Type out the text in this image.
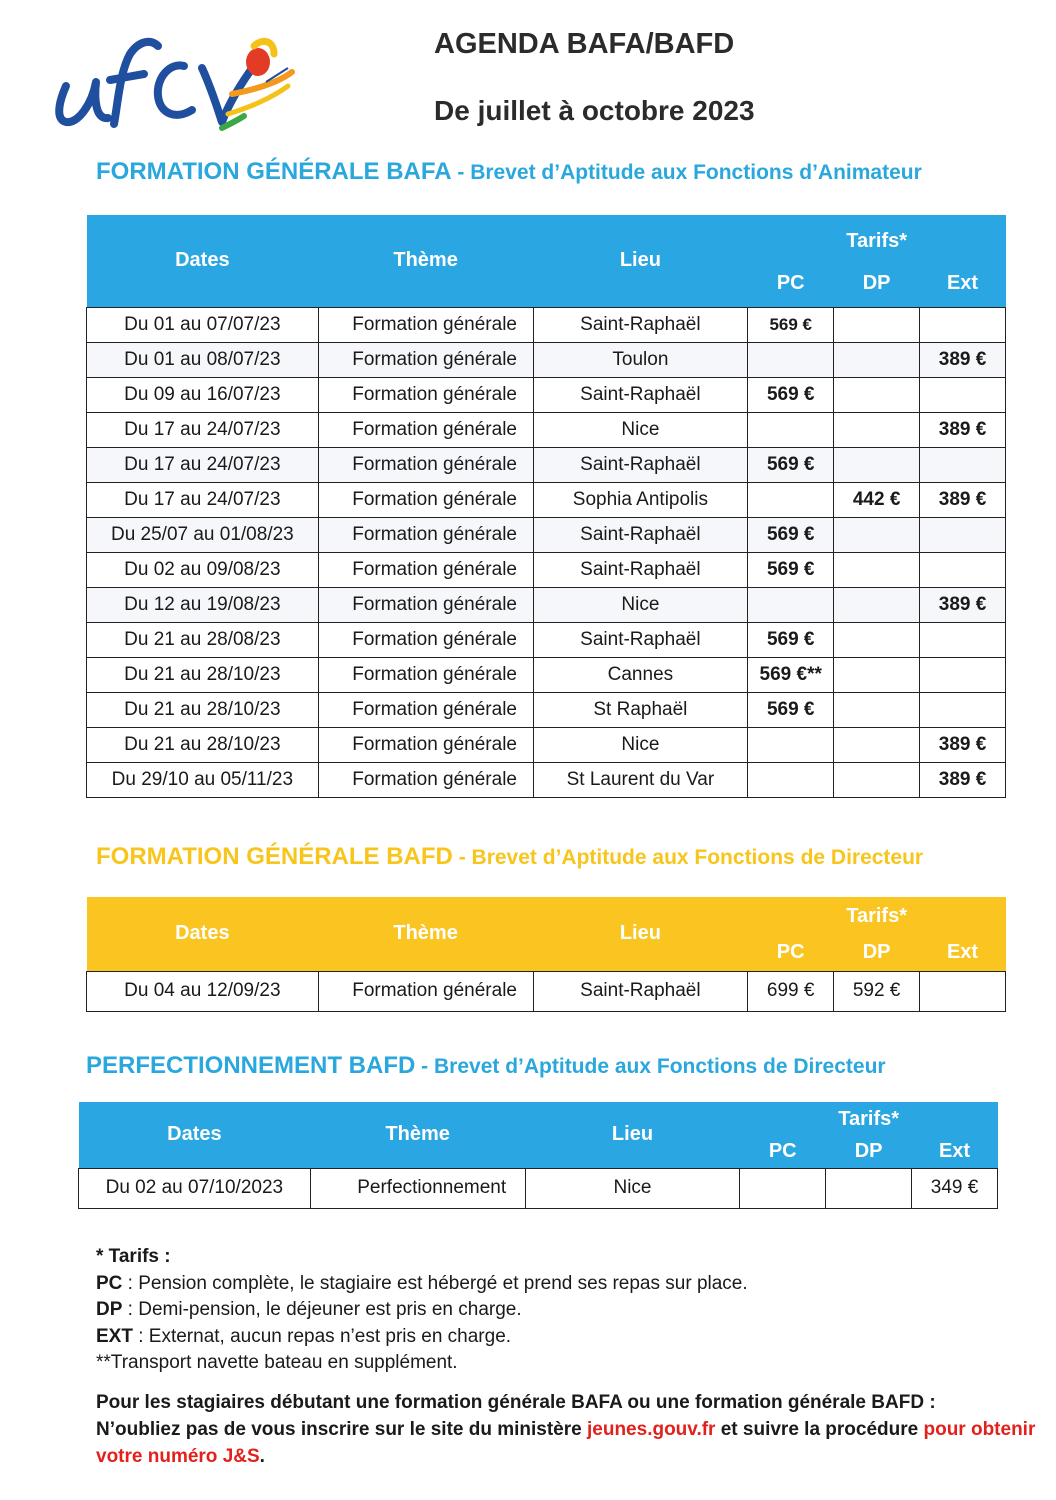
AGENDA BAFA/BAFD
De juillet à octobre 2023

FORMATION GÉNÉRALE BAFA - Brevet d’Aptitude aux Fonctions d’Animateur

Dates	Thème	Lieu	Tarifs*		
			PC	DP	Ext
Du 01 au 07/07/23	Formation générale	Saint-Raphaël	569 €		
Du 01 au 08/07/23	Formation générale	Toulon			389 €
Du 09 au 16/07/23	Formation générale	Saint-Raphaël	569 €		
Du 17 au 24/07/23	Formation générale	Nice			389 €
Du 17 au 24/07/23	Formation générale	Saint-Raphaël	569 €		
Du 17 au 24/07/23	Formation générale	Sophia Antipolis		442 €	389 €
Du 25/07 au 01/08/23	Formation générale	Saint-Raphaël	569 €		
Du 02 au 09/08/23	Formation générale	Saint-Raphaël	569 €		
Du 12 au 19/08/23	Formation générale	Nice			389 €
Du 21 au 28/08/23	Formation générale	Saint-Raphaël	569 €		
Du 21 au 28/10/23	Formation générale	Cannes	569 €**		
Du 21 au 28/10/23	Formation générale	St Raphaël	569 €		
Du 21 au 28/10/23	Formation générale	Nice			389 €
Du 29/10 au 05/11/23	Formation générale	St Laurent du Var			389 €

FORMATION GÉNÉRALE BAFD - Brevet d’Aptitude aux Fonctions de Directeur

Dates	Thème	Lieu	Tarifs*		
			PC	DP	Ext
Du 04 au 12/09/23	Formation générale	Saint-Raphaël	699 €	592 €	

PERFECTIONNEMENT BAFD - Brevet d’Aptitude aux Fonctions de Directeur

Dates	Thème	Lieu	Tarifs*		
			PC	DP	Ext
Du 02 au 07/10/2023	Perfectionnement	Nice			349 €
* Tarifs :
PC : Pension complète, le stagiaire est hébergé et prend ses repas sur place.
DP : Demi-pension, le déjeuner est pris en charge.
EXT : Externat, aucun repas n’est pris en charge.
**Transport navette bateau en supplément.
Pour les stagiaires débutant une formation générale BAFA ou une formation générale BAFD :
N’oubliez pas de vous inscrire sur le site du ministère jeunes.gouv.fr et suivre la procédure pour obtenir votre numéro J&S.
